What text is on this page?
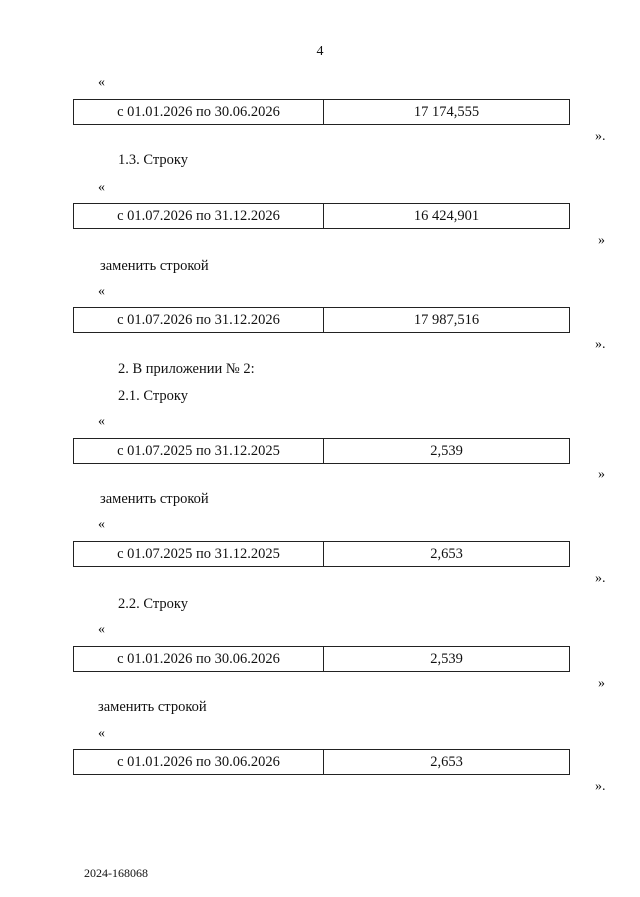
4
«
с 01.01.2026 по 30.06.2026	17 174,555
».
1.3. Строку
«
с 01.07.2026 по 31.12.2026	16 424,901
»
заменить строкой
«
с 01.07.2026 по 31.12.2026	17 987,516
».
2. В приложении № 2:
2.1. Строку
«
с 01.07.2025 по 31.12.2025	2,539
»
заменить строкой
«
с 01.07.2025 по 31.12.2025	2,653
».
2.2. Строку
«
с 01.01.2026 по 30.06.2026	2,539
»
заменить строкой
«
с 01.01.2026 по 30.06.2026	2,653
».
2024-168068
